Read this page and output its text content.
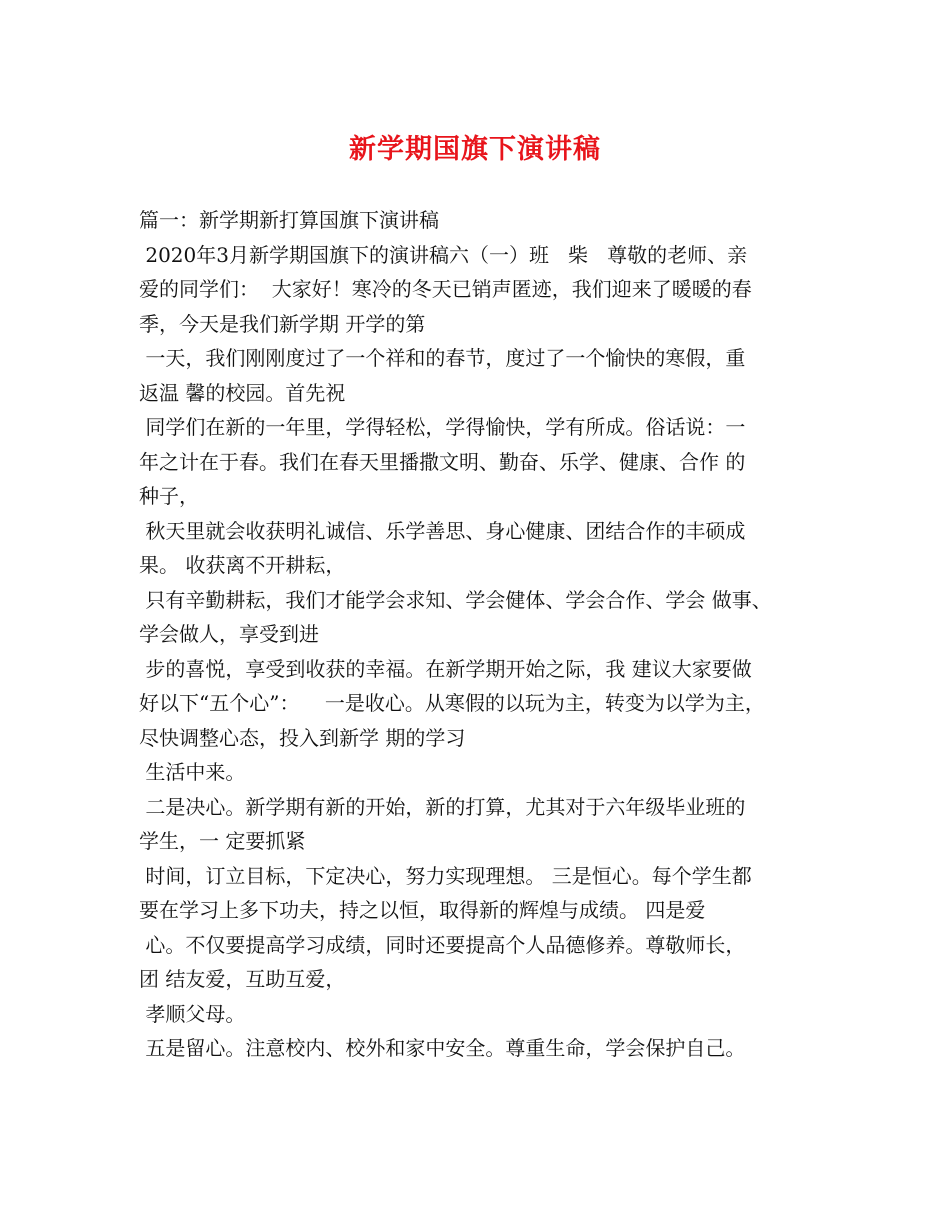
新学期国旗下演讲稿
篇一：新学期新打算国旗下演讲稿
2020年3月新学期国旗下的演讲稿六（一）班   柴   尊敬的老师、亲
爱的同学们：  大家好！寒冷的冬天已销声匿迹，我们迎来了暖暖的春
季，今天是我们新学期 开学的第
一天，我们刚刚度过了一个祥和的春节，度过了一个愉快的寒假，重
返温 馨的校园。首先祝
同学们在新的一年里，学得轻松，学得愉快，学有所成。俗话说：一
年之计在于春。我们在春天里播撒文明、勤奋、乐学、健康、合作 的
种子，
秋天里就会收获明礼诚信、乐学善思、身心健康、团结合作的丰硕成
果。 收获离不开耕耘，
只有辛勤耕耘，我们才能学会求知、学会健体、学会合作、学会 做事、
学会做人，享受到进
步的喜悦，享受到收获的幸福。在新学期开始之际，我 建议大家要做
好以下“五个心”：    一是收心。从寒假的以玩为主，转变为以学为主，
尽快调整心态，投入到新学 期的学习
生活中来。
二是决心。新学期有新的开始，新的打算，尤其对于六年级毕业班的
学生，一 定要抓紧
时间，订立目标，下定决心，努力实现理想。 三是恒心。每个学生都
要在学习上多下功夫，持之以恒，取得新的辉煌与成绩。 四是爱
心。不仅要提高学习成绩，同时还要提高个人品德修养。尊敬师长，
团 结友爱，互助互爱，
孝顺父母。
五是留心。注意校内、校外和家中安全。尊重生命，学会保护自己。
